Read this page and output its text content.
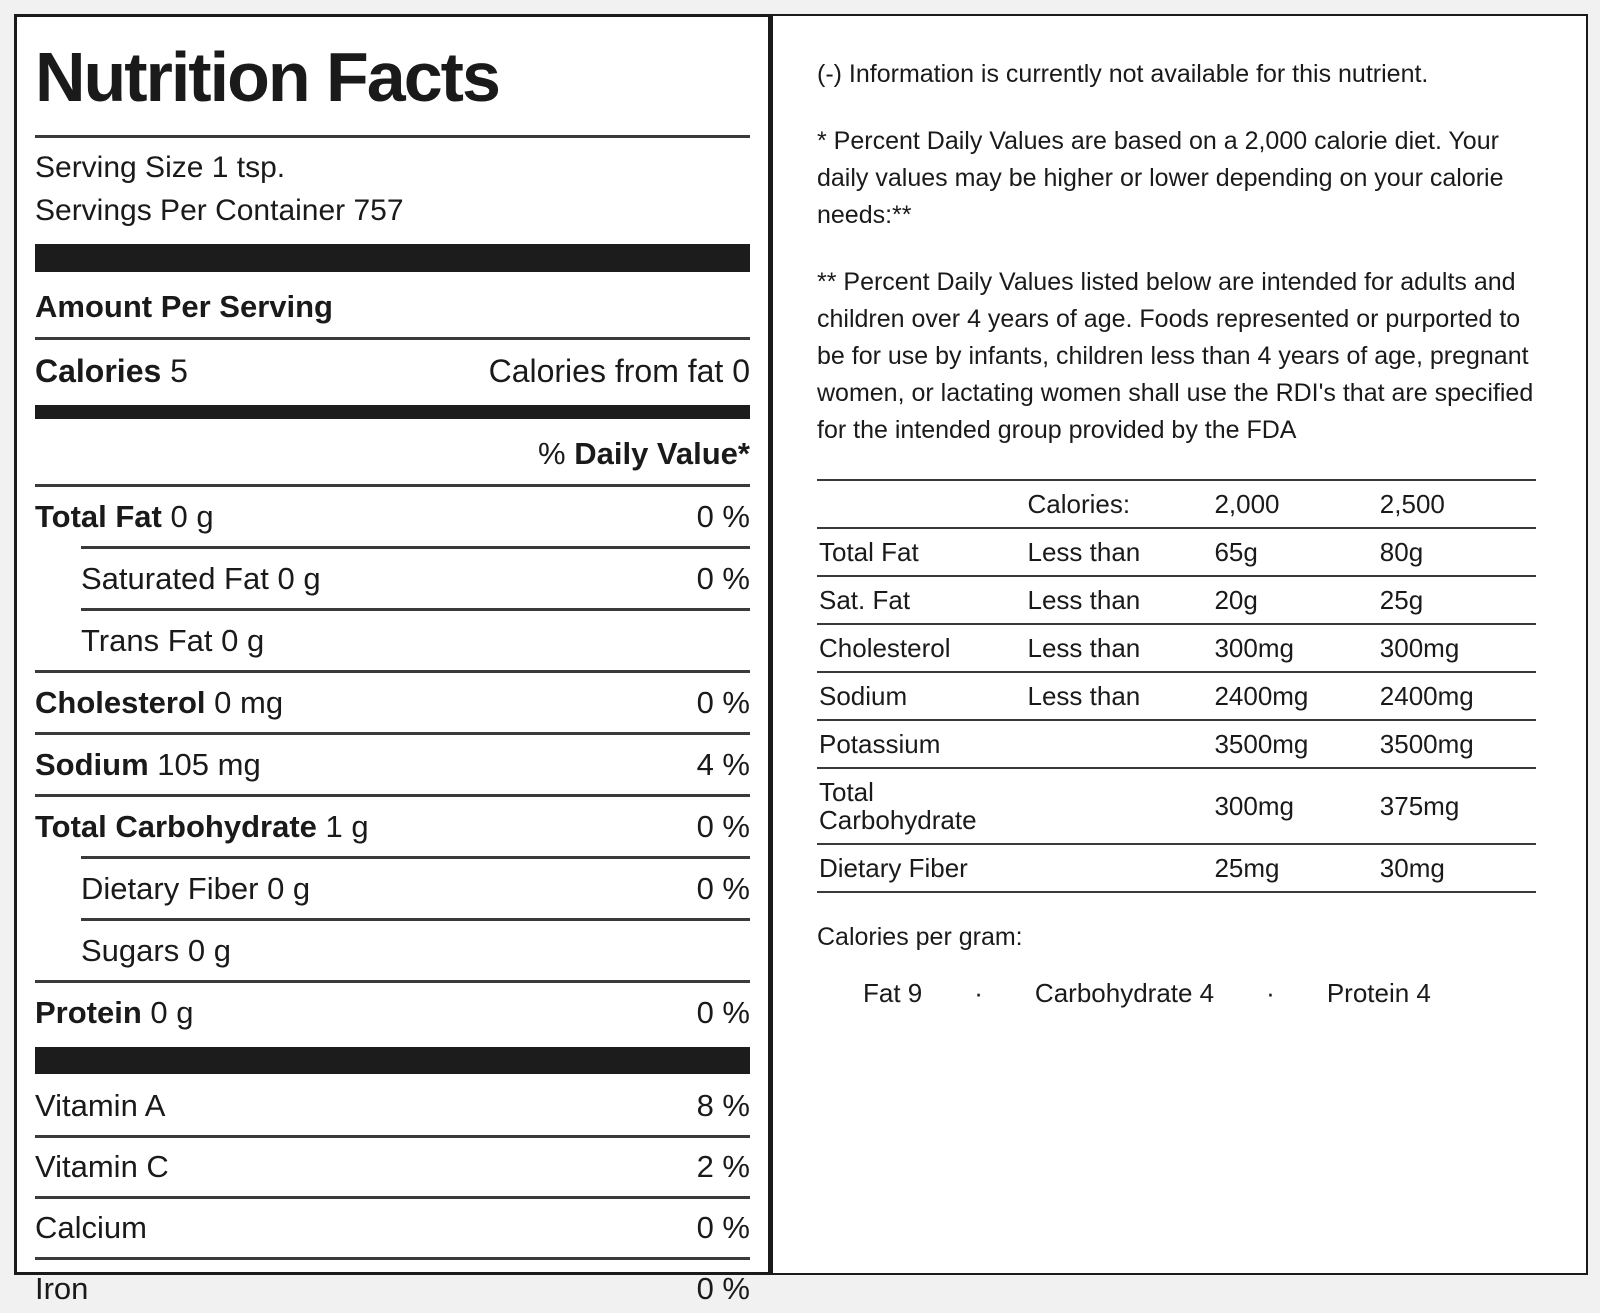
Nutrition Facts
Serving Size 1 tsp.
Servings Per Container 757
Amount Per Serving
Calories 5	Calories from fat 0
% Daily Value*
Total Fat 0 g	0 %
Saturated Fat 0 g	0 %
Trans Fat 0 g
Cholesterol 0 mg	0 %
Sodium 105 mg	4 %
Total Carbohydrate 1 g	0 %
Dietary Fiber 0 g	0 %
Sugars 0 g
Protein 0 g	0 %
Vitamin A	8 %
Vitamin C	2 %
Calcium	0 %
Iron	0 %

(-) Information is currently not available for this nutrient.

* Percent Daily Values are based on a 2,000 calorie diet. Your daily values may be higher or lower depending on your calorie needs:**

** Percent Daily Values listed below are intended for adults and children over 4 years of age. Foods represented or purported to be for use by infants, children less than 4 years of age, pregnant women, or lactating women shall use the RDI's that are specified for the intended group provided by the FDA

	Calories:	2,000	2,500
Total Fat	Less than	65g	80g
Sat. Fat	Less than	20g	25g
Cholesterol	Less than	300mg	300mg
Sodium	Less than	2400mg	2400mg
Potassium		3500mg	3500mg
Total Carbohydrate		300mg	375mg
Dietary Fiber		25mg	30mg

Calories per gram:

Fat 9 · Carbohydrate 4 · Protein 4
